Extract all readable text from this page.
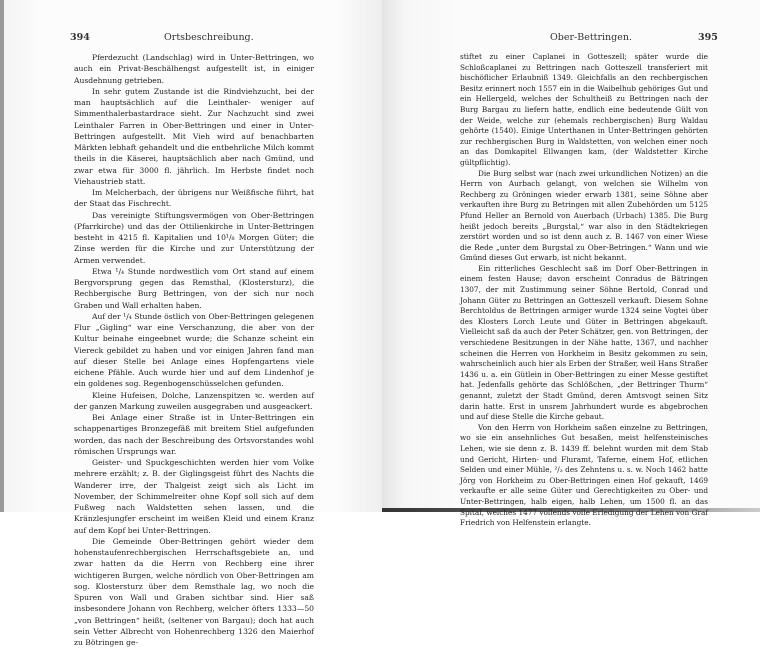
394	Ortsbeschreibung.

Pferdezucht (Landschlag) wird in Unter-Bettringen, wo auch ein Privat-Beschälhengst aufgestellt ist, in einiger Ausdehnung getrieben.

In sehr gutem Zustande ist die Rindviehzucht, bei der man hauptsächlich auf die Leinthaler- weniger auf Simmenthalerbastardrace sieht. Zur Nachzucht sind zwei Leinthaler Farren in Ober-Bettringen und einer in Unter-Bettringen aufgestellt. Mit Vieh wird auf benachbarten Märkten lebhaft gehandelt und die entbehrliche Milch kommt theils in die Käserei, hauptsächlich aber nach Gmünd, und zwar etwa für 3000 fl. jährlich. Im Herbste findet noch Viehaustrieb statt.

Im Melcherbach, der übrigens nur Weißfische führt, hat der Staat das Fischrecht.

Das vereinigte Stiftungsvermögen von Ober-Bettringen (Pfarrkirche) und das der Ottilienkirche in Unter-Bettringen besteht in 4215 fl. Kapitalien und 10¹/₈ Morgen Güter; die Zinse werden für die Kirche und zur Unterstützung der Armen verwendet.

Etwa ¹/₄ Stunde nordwestlich vom Ort stand auf einem Bergvorsprung gegen das Remsthal, (Klostersturz), die Rechbergische Burg Bettringen, von der sich nur noch Graben und Wall erhalten haben.

Auf der ¹/₄ Stunde östlich von Ober-Bettringen gelegenen Flur „Gigling“ war eine Verschanzung, die aber von der Kultur beinahe eingeebnet wurde; die Schanze scheint ein Viereck gebildet zu haben und vor einigen Jahren fand man auf dieser Stelle bei Anlage eines Hopfengartens viele eichene Pfähle. Auch wurde hier und auf dem Lindenhof je ein goldenes sog. Regenbogenschüsselchen gefunden.

Kleine Hufeisen, Dolche, Lanzenspitzen ꝛc. werden auf der ganzen Markung zuweilen ausgegraben und ausgeackert.

Bei Anlage einer Straße ist in Unter-Bettringen ein schappenartiges Bronzegefäß mit breitem Stiel aufgefunden worden, das nach der Beschreibung des Ortsvorstandes wohl römischen Ursprungs war.

Geister- und Spuckgeschichten werden hier vom Volke mehrere erzählt; z. B. der Giglingsgeist führt des Nachts die Wanderer irre, der Thalgeist zeigt sich als Licht im November, der Schimmelreiter ohne Kopf soll sich auf dem Fußweg nach Waldstetten sehen lassen, und die Kränzlesjungfer erscheint im weißen Kleid und einem Kranz auf dem Kopf bei Unter-Bettringen.

Die Gemeinde Ober-Bettringen gehört wieder dem hohenstaufenrechbergischen Herrschaftsgebiete an, und zwar hatten da die Herrn von Rechberg eine ihrer wichtigeren Burgen, welche nördlich von Ober-Bettringen am sog. Klostersturz über dem Remsthale lag, wo noch die Spuren von Wall und Graben sichtbar sind. Hier saß insbesondere Johann von Rechberg, welcher öfters 1333—50 „von Bettringen“ heißt, (seltener von Bargau); doch hat auch sein Vetter Albrecht von Hohenrechberg 1326 den Maierhof zu Bötringen ge-

Ober-Bettringen.	395

stiftet zu einer Caplanei in Gotteszell; später wurde die Schloßcaplanei zu Bettringen nach Gotteszell transferiert mit bischöflicher Erlaubniß 1349. Gleichfalls an den rechbergischen Besitz erinnert noch 1557 ein in die Waibelhub gehöriges Gut und ein Hellergeld, welches der Schultheiß zu Bettringen nach der Burg Bargau zu liefern hatte, endlich eine bedeutende Gült von der Weide, welche zur (ehemals rechbergischen) Burg Waldau gehörte (1540). Einige Unterthanen in Unter-Bettringen gehörten zur rechbergischen Burg in Waldstetten, von welchen einer noch an das Domkapitel Ellwangen kam, (der Waldstetter Kirche gültpflichtig).

Die Burg selbst war (nach zwei urkundlichen Notizen) an die Herrn von Aurbach gelangt, von welchen sie Wilhelm von Rechberg zu Gröningen wieder erwarb 1381, seine Söhne aber verkauften ihre Burg zu Betringen mit allen Zubehörden um 5125 Pfund Heller an Bernold von Auerbach (Urbach) 1385. Die Burg heißt jedoch bereits „Burgstal,“ war also in den Städtekriegen zerstört worden und so ist denn auch z. B. 1467 von einer Wiese die Rede „unter dem Burgstal zu Ober-Betringen.“ Wann und wie Gmünd dieses Gut erwarb, ist nicht bekannt.

Ein ritterliches Geschlecht saß im Dorf Ober-Bettringen in einem festen Hause; davon erscheint Conradus de Bätringen 1307, der mit Zustimmung seiner Söhne Bertold, Conrad und Johann Güter zu Bettringen an Gotteszell verkauft. Diesem Sohne Berchtoldus de Bettringen armiger wurde 1324 seine Vogtei über des Klosters Lorch Leute und Güter in Bettringen abgekauft. Vielleicht saß da auch der Peter Schätzer, gen. von Bettringen, der verschiedene Besitzungen in der Nähe hatte, 1367, und nachher scheinen die Herren von Horkheim in Besitz gekommen zu sein, wahrscheinlich auch hier als Erben der Straßer, weil Hans Straßer 1436 u. a. ein Gütlein in Ober-Bettringen zu einer Messe gestiftet hat. Jedenfalls gehörte das Schlößchen, „der Bettringer Thurm“ genannt, zuletzt der Stadt Gmünd, deren Amtsvogt seinen Sitz darin hatte. Erst in unsrem Jahrhundert wurde es abgebrochen und auf diese Stelle die Kirche gebaut.

Von den Herrn von Horkheim saßen einzelne zu Bettringen, wo sie ein ansehnliches Gut besaßen, meist helfensteinisches Lehen, wie sie denn z. B. 1439 ff. belehnt wurden mit dem Stab und Gericht, Hirten- und Fluramt, Taferne, einem Hof, etlichen Selden und einer Mühle, ²/₃ des Zehntens u. s. w. Noch 1462 hatte Jörg von Horkheim zu Ober-Bettringen einen Hof gekauft, 1469 verkaufte er alle seine Güter und Gerechtigkeiten zu Ober- und Unter-Bettringen, halb eigen, halb Lehen, um 1500 fl. an das Spital, welches 1477 vollends volle Erledigung der Lehen von Graf Friedrich von Helfenstein erlangte.
